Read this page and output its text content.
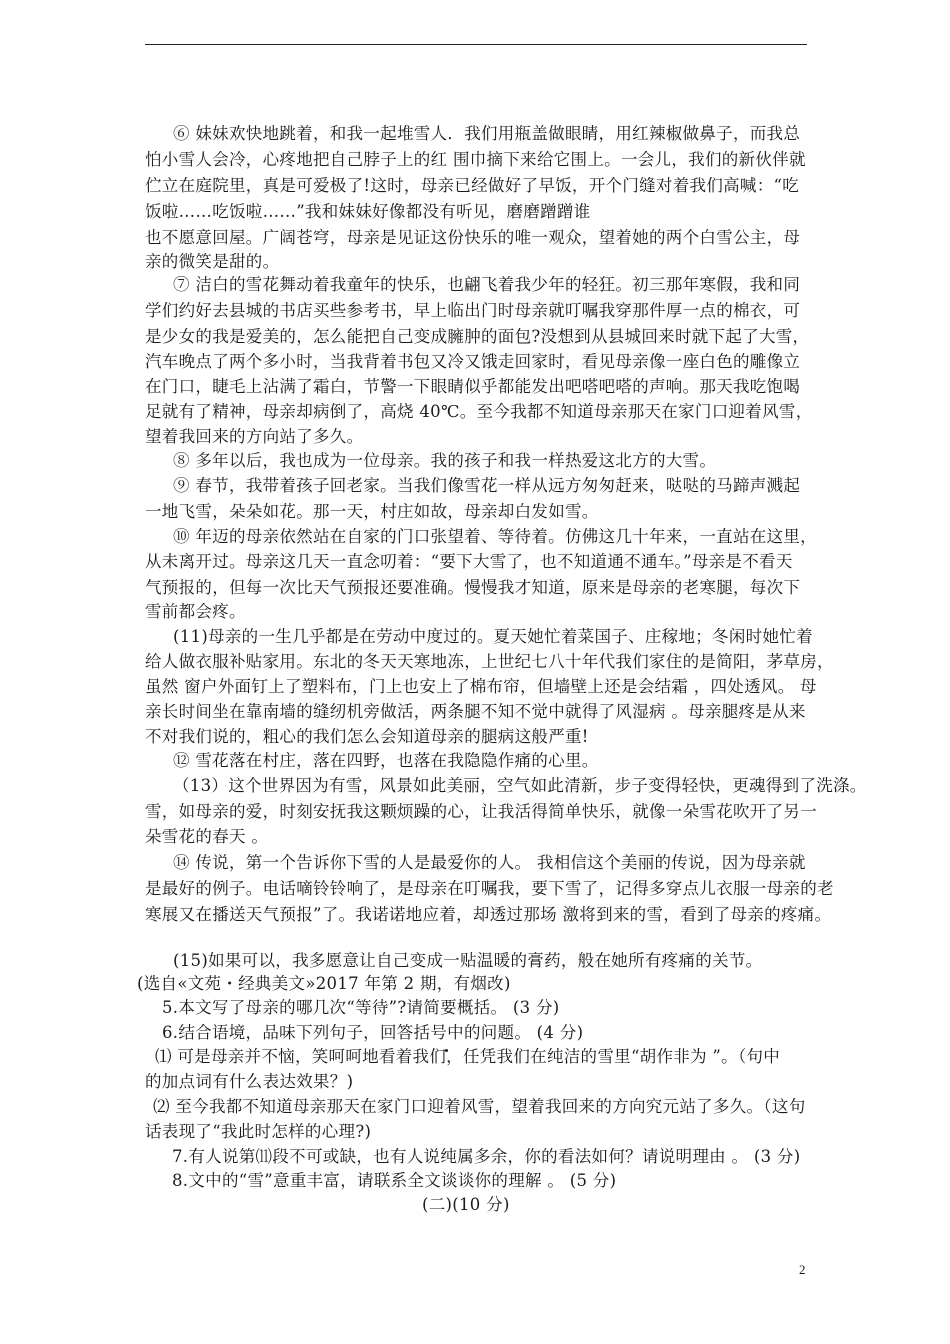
⑥ 妹妹欢快地跳着，和我一起堆雪人．我们用瓶盖做眼睛，用红辣椒做鼻子，而我总
怕小雪人会冷，心疼地把自己脖子上的红 围巾摘下来给它围上。一会儿，我们的新伙伴就
伫立在庭院里，真是可爱极了!这时，母亲已经做好了早饭，开个门缝对着我们高喊：“吃
饭啦……吃饭啦……”我和妹妹好像都没有听见，磨磨蹭蹭谁
也不愿意回屋。广阔苍穹，母亲是见证这份快乐的唯一观众，望着她的两个白雪公主，母
亲的微笑是甜的。
⑦ 洁白的雪花舞动着我童年的快乐，也翩飞着我少年的轻狂。初三那年寒假，我和同
学们约好去县城的书店买些参考书，早上临出门时母亲就叮嘱我穿那件厚一点的棉衣，可
是少女的我是爱美的，怎么能把自己变成臃肿的面包?没想到从县城回来时就下起了大雪，
汽车晚点了两个多小时，当我背着书包又冷又饿走回家时，看见母亲像一座白色的雕像立
在门口，睫毛上沾满了霜白，节警一下眼睛似乎都能发出吧嗒吧嗒的声响。那天我吃饱喝
足就有了精神，母亲却病倒了，高烧 40℃。至今我都不知道母亲那天在家门口迎着风雪，
望着我回来的方向站了多久。
⑧ 多年以后，我也成为一位母亲。我的孩子和我一样热爱这北方的大雪。
⑨ 春节，我带着孩子回老家。当我们像雪花一样从远方匆匆赶来，哒哒的马蹄声溅起
一地飞雪，朵朵如花。那一天，村庄如故，母亲却白发如雪。
⑩ 年迈的母亲依然站在自家的门口张望着、等待着。仿佛这几十年来，一直站在这里，
从未离开过。母亲这几天一直念叨着：“要下大雪了，也不知道通不通车。”母亲是不看天
气预报的，但每一次比天气预报还要准确。慢慢我才知道，原来是母亲的老寒腿，每次下
雪前都会疼。
(11)母亲的一生几乎都是在劳动中度过的。夏天她忙着菜国子、庄稼地；冬闲时她忙着
给人做衣服补贴家用。东北的冬天天寒地冻，上世纪七八十年代我们家住的是简阳，茅草房，
虽然 窗户外面钉上了塑料布，门上也安上了棉布帘，但墙壁上还是会结霜 ，四处透风。 母
亲长时间坐在靠南墙的缝纫机旁做活，两条腿不知不觉中就得了风湿病 。母亲腿疼是从来
不对我们说的，粗心的我们怎么会知道母亲的腿病这般严重!
⑫ 雪花落在村庄，落在四野，也落在我隐隐作痛的心里。
（13）这个世界因为有雪，风景如此美丽，空气如此清新，步子变得轻快，更魂得到了洗涤。
雪，如母亲的爱，时刻安抚我这颗烦躁的心，让我活得简单快乐，就像一朵雪花吹开了另一
朵雪花的春天 。
⑭ 传说，第一个告诉你下雪的人是最爱你的人。 我相信这个美丽的传说，因为母亲就
是最好的例子。电话嘀铃铃响了，是母亲在叮嘱我，要下雪了，记得多穿点儿衣服一母亲的老
寒展又在播送天气预报”了。我诺诺地应着，却透过那场 激将到来的雪，看到了母亲的疼痛。
(15)如果可以，我多愿意让自己变成一贴温暖的膏药，般在她所有疼痛的关节。
(选自«文苑・经典美文»2017 年第 2 期，有烟改)
5.本文写了母亲的哪几次“等待”?请简要概括。 (3 分)
6.结合语境，品味下列句子，回答括号中的问题。 (4 分)
⑴ 可是母亲并不恼，笑呵呵地看着我们，任凭我们在纯洁的雪里“胡作非为 ”。（句中
的加点词有什么表达效果？)
⑵ 至今我都不知道母亲那天在家门口迎着风雪，望着我回来的方向究元站了多久。（这句
话表现了“我此时怎样的心理?)
7.有人说第⑾段不可或缺，也有人说纯属多余，你的看法如何？请说明理由 。 (3 分)
8.文中的“雪”意重丰富，请联系全文谈谈你的理解 。 (5 分)
(二)(10 分)
2
